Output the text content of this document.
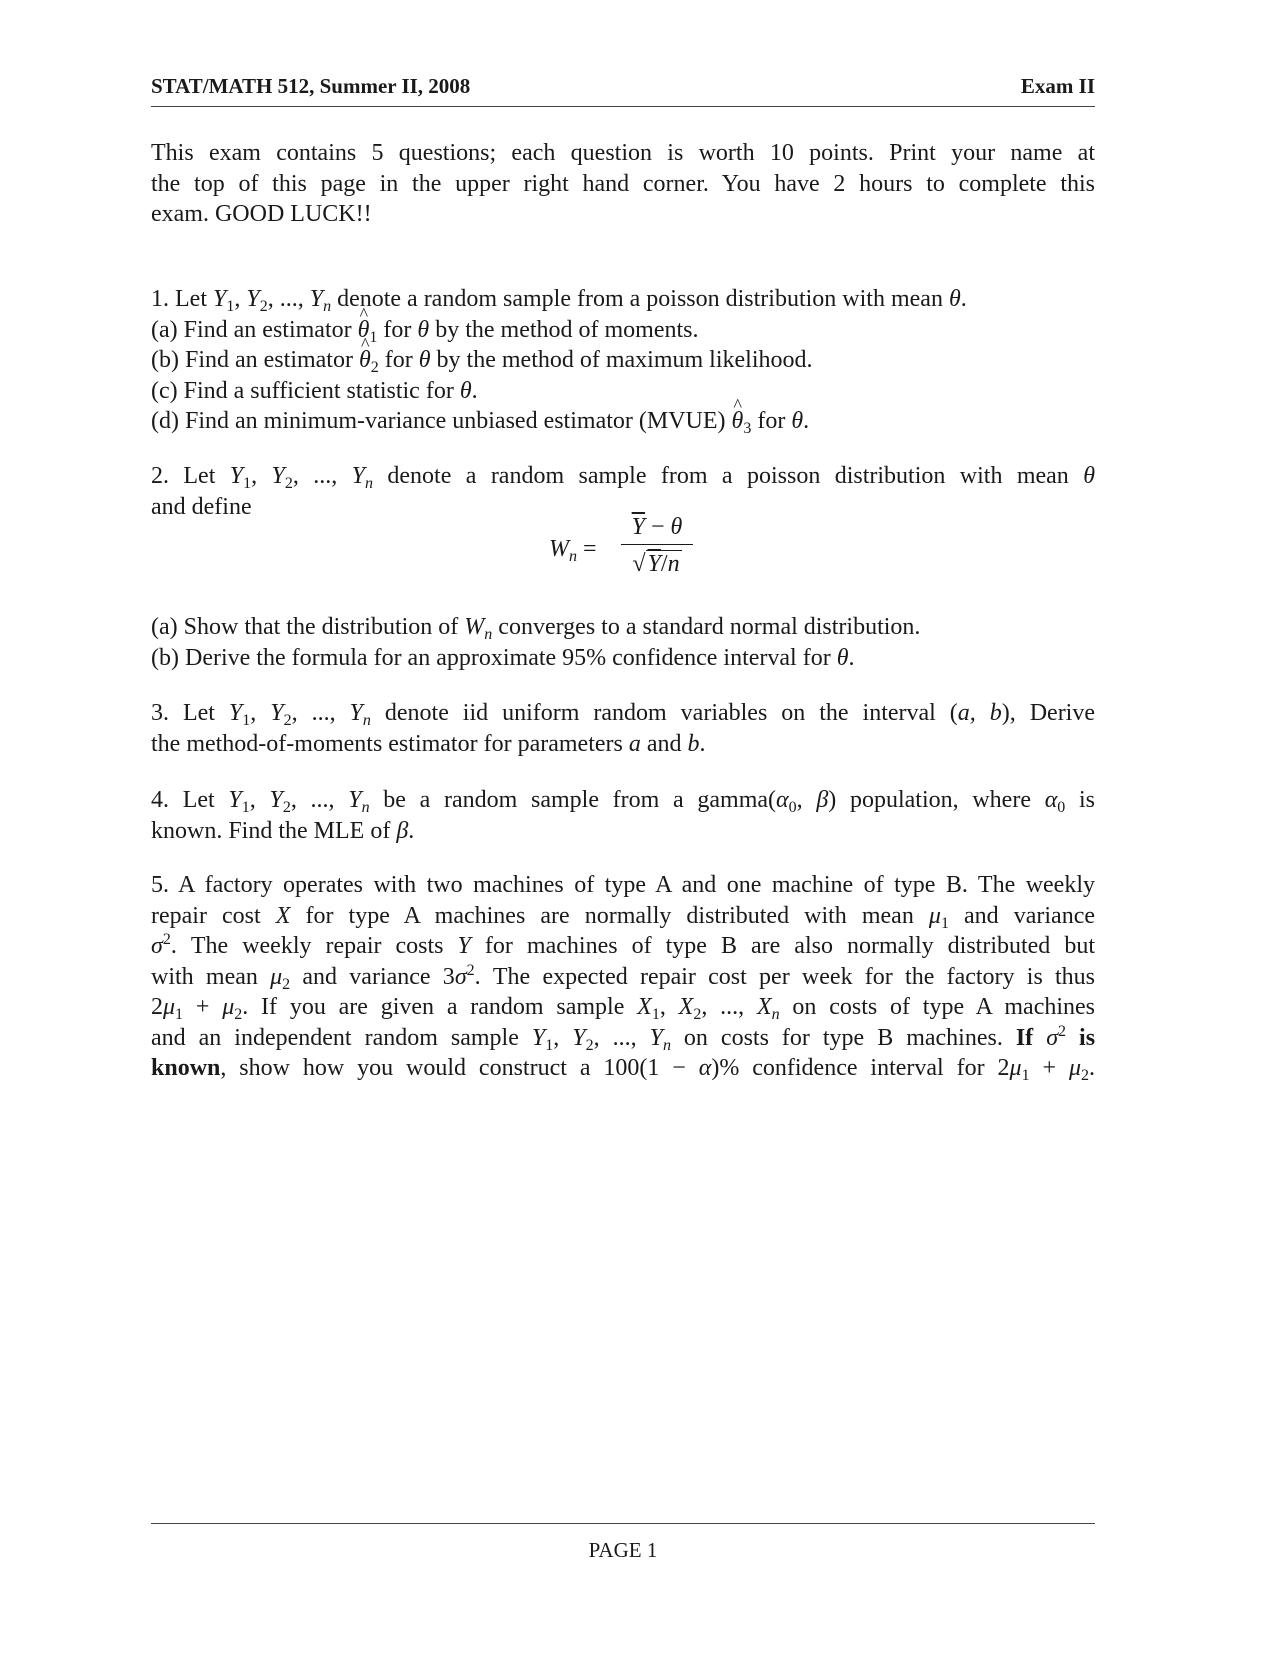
STAT/MATH 512, Summer II, 2008	Exam II
This exam contains 5 questions; each question is worth 10 points. Print your name at
the top of this page in the upper right hand corner. You have 2 hours to complete this
exam. GOOD LUCK!!
1. Let $Y_1$, $Y_2$, ..., $Y_n$ denote a random sample from a poisson distribution with mean θ.
(a) Find an estimator ^ $\theta_1$ for θ by the method of moments.
(b) Find an estimator ^ $\theta_2$ for θ by the method of maximum likelihood.
(c) Find a sufficient statistic for θ.
(d) Find an minimum-variance unbiased estimator (MVUE) ^ $\theta_3$ for θ.
2. Let $Y_1$, $Y_2$, ..., $Y_n$ denote a random sample from a poisson distribution with mean θ
and define
$W_n$ =
$\overline{Y} - \theta$
√Y/n
(a) Show that the distribution of $W_n$ converges to a standard normal distribution.
(b) Derive the formula for an approximate 95% confidence interval for θ.
3. Let $Y_1$, $Y_2$, ..., $Y_n$ denote iid uniform random variables on the interval (a, b), Derive
the method-of-moments estimator for parameters a and b.
4. Let $Y_1$, $Y_2$, ..., $Y_n$ be a random sample from a $gamma(\alpha_0$, β) population, where $\alpha_0$ is
known. Find the MLE of β.
5. A factory operates with two machines of type A and one machine of type B. The weekly
repair cost X for type A machines are normally distributed with mean $\mu_1$ and variance
$\sigma^2$. The weekly repair costs Y for machines of type B are also normally distributed but
with mean $\mu_2$ and variance $3\sigma^2$. The expected repair cost per week for the factory is thus
$2\mu_1 + \mu_2$. If you are given a random sample $X_1$, $X_2$, ..., $X_n$ on costs of type A machines
and an independent random sample $Y_1$, $Y_2$, ..., $Y_n$ on costs for type B machines. If $\sigma^2$ is
known, show how you would construct a 100(1 − α)% confidence interval for $2\mu_1 + \mu_2$.
PAGE 1
